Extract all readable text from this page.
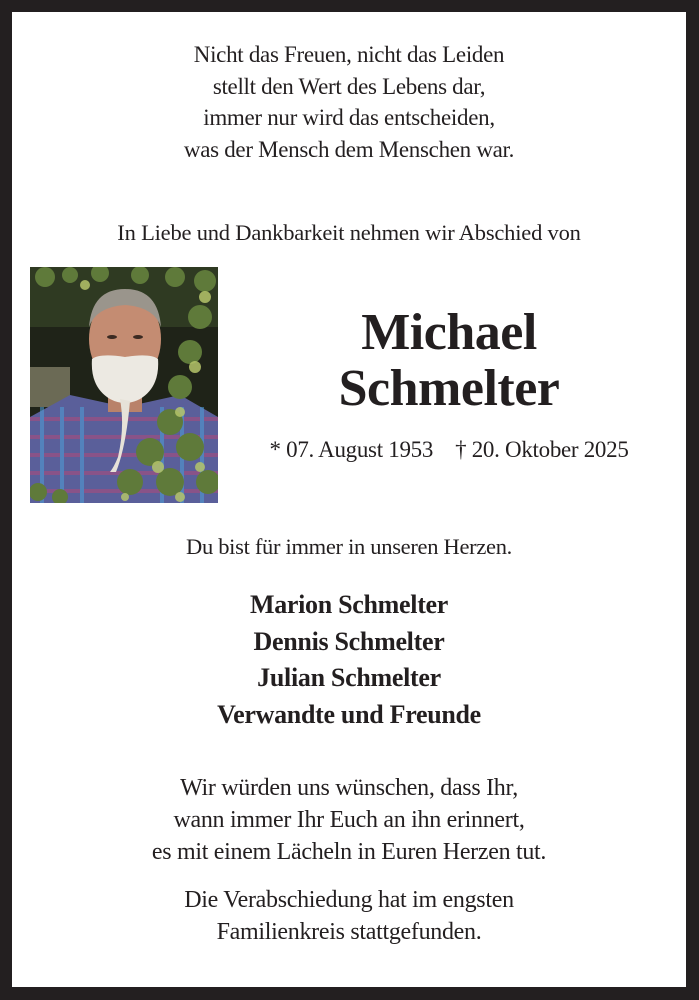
Nicht das Freuen, nicht das Leiden
stellt den Wert des Lebens dar,
immer nur wird das entscheiden,
was der Mensch dem Menschen war.
In Liebe und Dankbarkeit nehmen wir Abschied von
Michael
Schmelter
* 07. August 1953 † 20. Oktober 2025
Du bist für immer in unseren Herzen.
Marion Schmelter
Dennis Schmelter
Julian Schmelter
Verwandte und Freunde
Wir würden uns wünschen, dass Ihr,
wann immer Ihr Euch an ihn erinnert,
es mit einem Lächeln in Euren Herzen tut.
Die Verabschiedung hat im engsten
Familienkreis stattgefunden.
